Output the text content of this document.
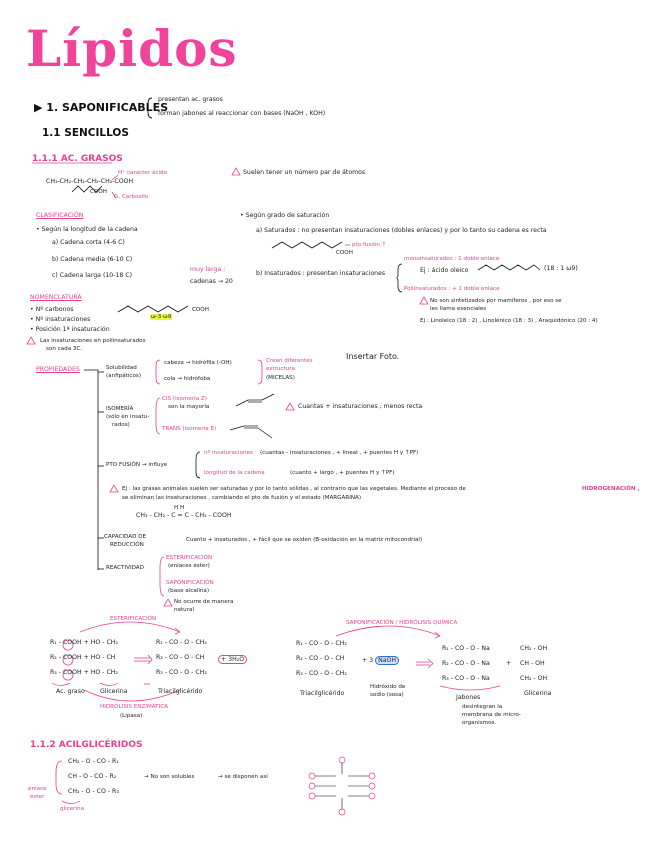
Lípidos
▶ 1. SAPONIFICABLES
presentan ac. grasos
forman jabones al reaccionar con bases (NaOH , KOH)
1.1 SENCILLOS
1.1.1 AC. GRASOS
CH₃-CH₂-CH₂-CH₂-CH₂-COOH
H⁺ carácter ácido
G. Carboxilo
COOH
Suelen tener un número par de átomos
CLASIFICACIÓN
• Según la longitud de la cadena
a) Cadena corta (4-6 C)
b) Cadena media (6-10 C)
c) Cadena larga (10-18 C)
muy larga :
cadenas → 20
• Según grado de saturación
a) Saturados : no presentan insaturaciones (dobles enlaces) y por lo tanto su cadena es recta
pto fusión ↑
COOH
b) Insaturados : presentan insaturaciones
monoinsaturados : 1 doble enlace
Ej : ácido oleico	(18 : 1 ω9)
Poliinsaturados : + 1 doble enlace
No son sintetizados por mamíferos , por eso se
les llama esenciales
Ej : Linoleico (18 : 2) , Linolénico (18 : 3) , Araquidónico (20 : 4)
NOMENCLATURA
• Nº carbonos
• Nº insaturaciones
• Posición 1ª insaturación
Las insaturaciones en poliinsaturados
son cada 3C.
ω-3 ω9
COOH
PROPIEDADES
Insertar Foto.
Solubilidad
(anfipáticos)
cabeza → hidrófila (-OH)
cola → hidrófoba
Crean diferentes
estructura
(MICELAS)
ISOMERÍA
(sólo en insatu-
rados)
CIS (isomería Z)
son la mayoría
TRANS (isomería E)
Cuantas + insaturaciones , menos recta
PTO FUSIÓN → influye
nº insaturaciones (cuantas - insaturaciones , + lineal , + puentes H y ↑PF)
longitud de la cadena	(cuanto + largo , + puentes H y ↑PF)
Ej : las grasas animales suelen ser saturadas y por lo tanto sólidas , al contrario que las vegetales. Mediante el proceso de	HIDROGENACIÓN ,
se eliminan las insaturaciones , cambiando el pto de fusión y el estado (MARGARINA)
H H
CH₃ - CH₂ - C = C - CH₂ - COOH
CAPACIDAD DE
REDUCCIÓN
Cuanto + insaturados , + fácil que se oxiden (B-oxidación en la matriz mitocondrial)
REACTIVIDAD
ESTERIFICACIÓN
(enlaces éster)
SAPONIFICACIÓN
(base alcalina)
No ocurre de manera
natural
ESTERIFICACIÓN
R₁ - COOH + HO - CH₂
R₂ - COOH + HO - CH
R₃ - COOH + HO - CH₂
R₁ - CO - O - CH₂
R₂ - CO - O - CH
R₃ - CO - O - CH₂
+ 3H₂O
Ac. graso Glicerina	Triacilglicérido
HIDRÓLISIS ENZIMÁTICA
(Lipasa)
SAPONIFICACIÓN / HIDRÓLISIS QUÍMICA
R₁ - CO - O - CH₂
R₂ - CO - O - CH
R₃ - CO - O - CH₂
+ 3 NaOH
R₁ - CO - O - Na
R₂ - CO - O - Na
R₃ - CO - O - Na
+
CH₂ - OH
CH - OH
CH₂ - OH
Triacilglicérido
Hidróxido de
sodio (sosa)	Jabones
desintegran la
membrana de micro-
organismos.
Glicerina
1.1.2 ACILGLICÉRIDOS
CH₂ - O - CO - R₁
CH - O - CO - R₂
CH₂ - O - CO - R₃
→ No son solubles	→ se disponen así
enlace
éster
glicerina
